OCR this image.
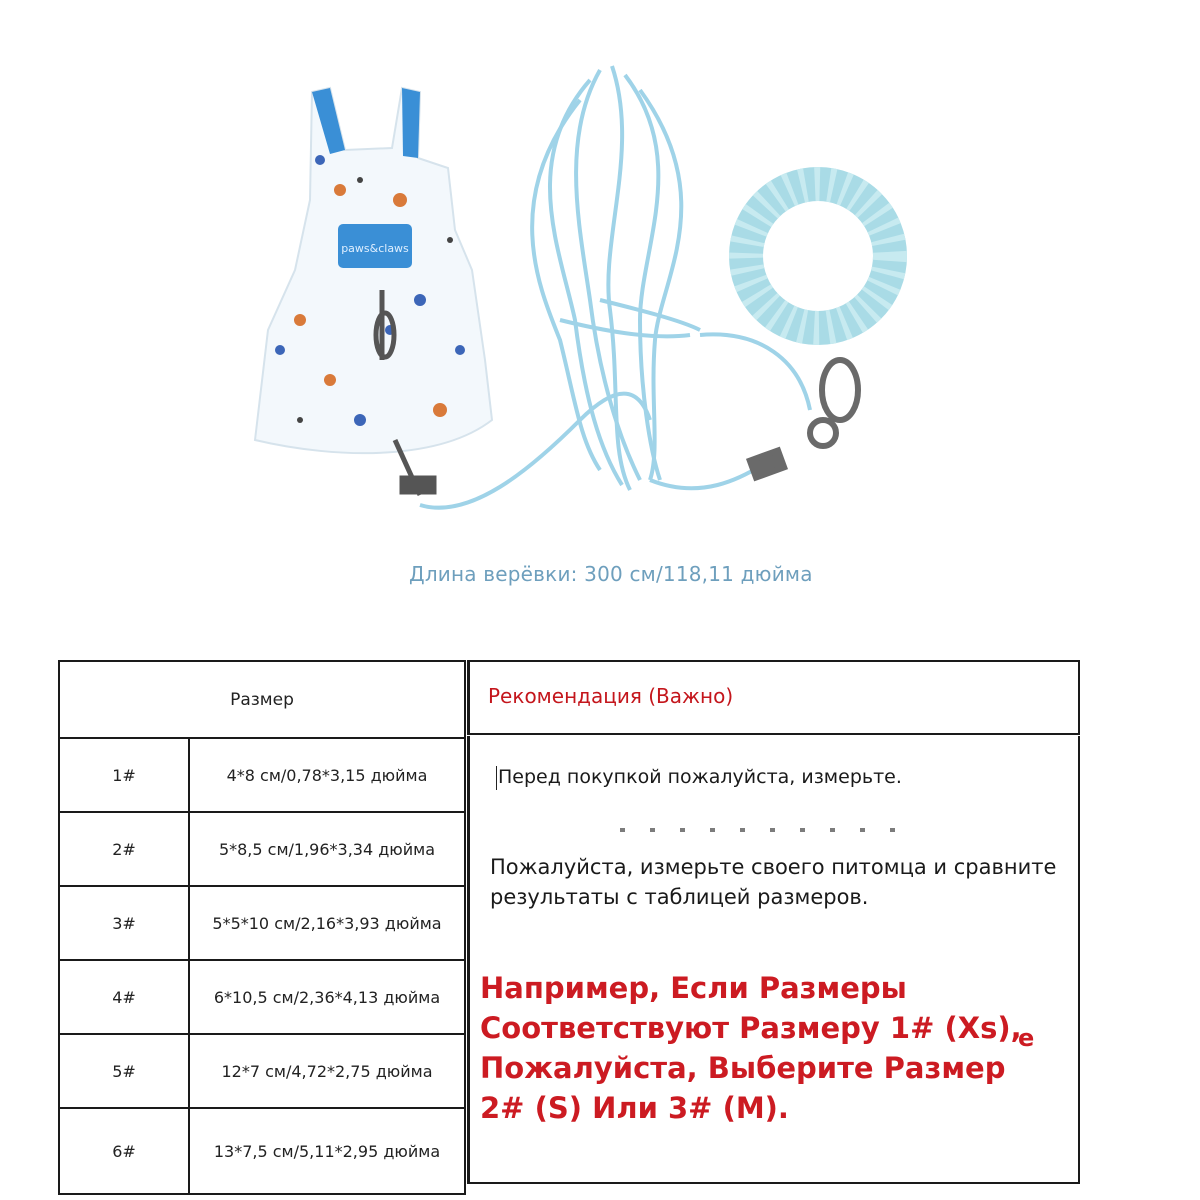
paws&claws
Длина верёвки: 300 см/118,11 дюйма
Размер	
1#	4*8 см/0,78*3,15 дюйма
2#	5*8,5 см/1,96*3,34 дюйма
3#	5*5*10 см/2,16*3,93 дюйма
4#	6*10,5 см/2,36*4,13 дюйма
5#	12*7 см/4,72*2,75 дюйма
6#	13*7,5 см/5,11*2,95 дюйма
Рекомендация (Важно)
Перед покупкой пожалуйста, измерьте.
Пожалуйста, измерьте своего питомца и сравните результаты с таблицей размеров.
Например, Если Размеры Соответствуют Размеру 1# (Xs), Пожалуйста, Выберите Размер 2# (S) Или 3# (M).
e
